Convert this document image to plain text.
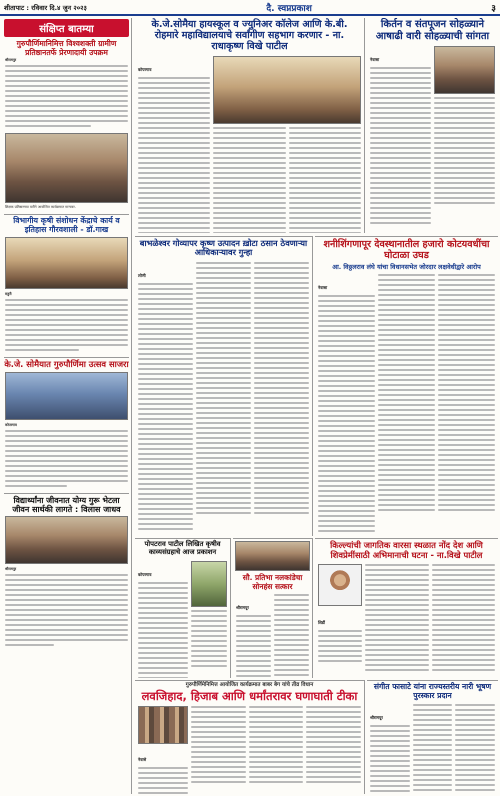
शीतापाट : रविवार दि.४ जुन २०२३	दै. स्वप्नप्रकाश	३
संक्षिप्त बातम्या
गुरुपौर्णिमानिमित्त विश्वशक्ती ग्रामीण प्रतिष्ठानतर्फे प्रेरणादायी उपक्रम
श्रीरामपुर
शिक्षक प्रतिष्ठानच्या वतीने आयोजित कार्यक्रमात मान्यवर.
विभागीय कृषी संशोधन केंद्राचे कार्य व इतिहास गौरवशाली - डॉ.गाख
राहुरी
के.जे. सोमैयात गुरुपौर्णिमा उत्सव साजरा
कोपरगाव
विद्यार्थ्यांना जीवनात योग्य गुरू भेटला जीवन सार्थकी लागते : विलास जाधव
श्रीरामपूर
के.जे.सोमैया हायस्कूल व ज्युनिअर कॉलेज आणि के.बी. रोहमारे महाविद्यालयाचे सर्वांगीण सहभाग करणार - ना. राधाकृष्ण विखे पाटील
कोपरगाव
किर्तन व संतपूजन सोहळ्याने आषाढी वारी सोहळ्याची सांगता
नेवासा
बाभळेश्वर गोव्यापर कृष्ण उत्पादन ख़ोटा ठसान ठेवणाऱ्या आधिकाऱ्यावर गुन्हा
लोणी
शनीशिंगणापूर देवस्थानातील हजारो कोटयवधींचा घोटाळा उघड
आ. विठ्ठलराव लंघे यांचा विधानसभेत जोरदार लक्षवेधीद्वारे आरोप
नेवासा
पोपटराव पाटील लिखित कृषीव काव्यसंग्रहाचे आज प्रकाशन
कोपरगाव	सौ. प्रतिभा नलकांडेचा सोनहंस सत्कार
श्रीरामपूर
किल्ल्यांची जागतिक वारसा स्थळात नोंद देश आणि शिवप्रेमींसाठी अभिमानाची घटना - ना.विखे पाटील
शिर्डी
गुरुपौर्णिमेनिमित्त आयोजित कार्यक्रमात बाबर बेग यांचे तीव्र विधान
लवजिहाद, हिजाब आणि धर्मांतरावर घणाघाती टीका
नेवासे
संगीत फासाटे यांना राज्यस्तरीय नारी भूषण पुरस्कार प्रदान
श्रीरामपूर
